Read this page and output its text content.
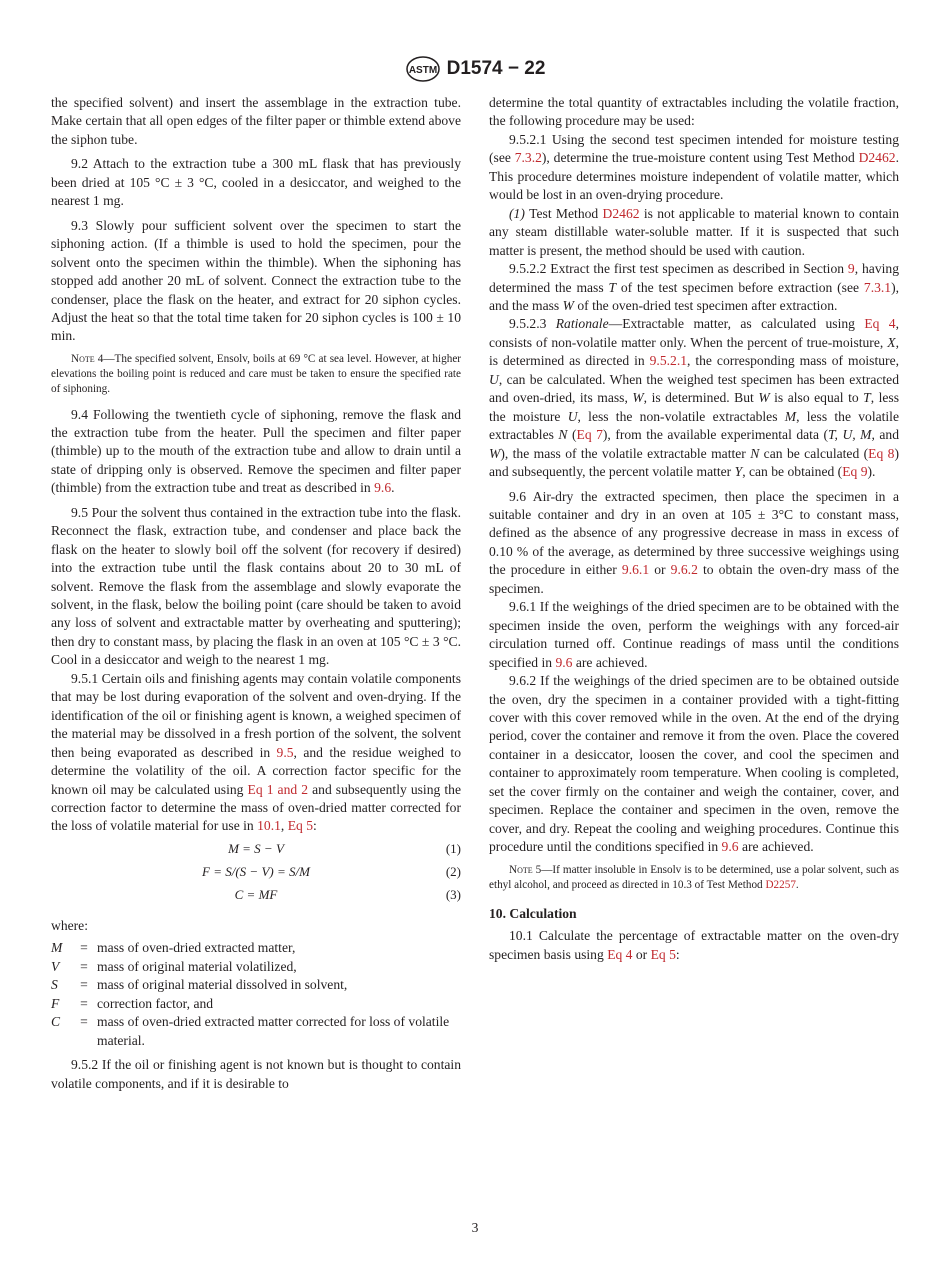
ASTM D1574 − 22
the specified solvent) and insert the assemblage in the extraction tube. Make certain that all open edges of the filter paper or thimble extend above the siphon tube.
9.2 Attach to the extraction tube a 300 mL flask that has previously been dried at 105 °C ± 3 °C, cooled in a desiccator, and weighed to the nearest 1 mg.
9.3 Slowly pour sufficient solvent over the specimen to start the siphoning action. (If a thimble is used to hold the specimen, pour the solvent onto the specimen within the thimble). When the siphoning has stopped add another 20 mL of solvent. Connect the extraction tube to the condenser, place the flask on the heater, and extract for 20 siphon cycles. Adjust the heat so that the total time taken for 20 siphon cycles is 100 ± 10 min.
Note 4—The specified solvent, Ensolv, boils at 69 °C at sea level. However, at higher elevations the boiling point is reduced and care must be taken to ensure the specified rate of siphoning.
9.4 Following the twentieth cycle of siphoning, remove the flask and the extraction tube from the heater. Pull the specimen and filter paper (thimble) up to the mouth of the extraction tube and allow to drain until a state of dripping only is observed. Remove the specimen and filter paper (thimble) from the extraction tube and treat as described in 9.6.
9.5 Pour the solvent thus contained in the extraction tube into the flask. Reconnect the flask, extraction tube, and condenser and place back the flask on the heater to slowly boil off the solvent (for recovery if desired) into the extraction tube until the flask contains about 20 to 30 mL of solvent. Remove the flask from the assemblage and slowly evaporate the solvent, in the flask, below the boiling point (care should be taken to avoid any loss of solvent and extractable matter by overheating and sputtering); then dry to constant mass, by placing the flask in an oven at 105 °C ± 3 °C. Cool in a desiccator and weigh to the nearest 1 mg.
9.5.1 Certain oils and finishing agents may contain volatile components that may be lost during evaporation of the solvent and oven-drying. If the identification of the oil or finishing agent is known, a weighed specimen of the material may be dissolved in a fresh portion of the solvent, the solvent then being evaporated as described in 9.5, and the residue weighed to determine the volatility of the oil. A correction factor specific for the known oil may be calculated using Eq 1 and 2 and subsequently using the correction factor to determine the mass of oven-dried matter corrected for the loss of volatile material for use in 10.1, Eq 5:
M = S − V	(1)
F = S/(S − V) = S/M	(2)
C = MF	(3)
where:
M	= mass of oven-dried extracted matter,
V	= mass of original material volatilized,
S	= mass of original material dissolved in solvent,
F	= correction factor, and
C	= mass of oven-dried extracted matter corrected for loss of volatile material.
9.5.2 If the oil or finishing agent is not known but is thought to contain volatile components, and if it is desirable to
determine the total quantity of extractables including the volatile fraction, the following procedure may be used:
9.5.2.1 Using the second test specimen intended for moisture testing (see 7.3.2), determine the true-moisture content using Test Method D2462. This procedure determines moisture independent of volatile matter, which would be lost in an oven-drying procedure.
(1) Test Method D2462 is not applicable to material known to contain any steam distillable water-soluble matter. If it is suspected that such matter is present, the method should be used with caution.
9.5.2.2 Extract the first test specimen as described in Section 9, having determined the mass T of the test specimen before extraction (see 7.3.1), and the mass W of the oven-dried test specimen after extraction.
9.5.2.3 Rationale—Extractable matter, as calculated using Eq 4, consists of non-volatile matter only. When the percent of true-moisture, X, is determined as directed in 9.5.2.1, the corresponding mass of moisture, U, can be calculated. When the weighed test specimen has been extracted and oven-dried, its mass, W, is determined. But W is also equal to T, less the moisture U, less the non-volatile extractables M, less the volatile extractables N (Eq 7), from the available experimental data (T, U, M, and W), the mass of the volatile extractable matter N can be calculated (Eq 8) and subsequently, the percent volatile matter Y, can be obtained (Eq 9).
9.6 Air-dry the extracted specimen, then place the specimen in a suitable container and dry in an oven at 105 ± 3°C to constant mass, defined as the absence of any progressive decrease in mass in excess of 0.10 % of the average, as determined by three successive weighings using the procedure in either 9.6.1 or 9.6.2 to obtain the oven-dry mass of the specimen.
9.6.1 If the weighings of the dried specimen are to be obtained with the specimen inside the oven, perform the weighings with any forced-air circulation turned off. Continue readings of mass until the conditions specified in 9.6 are achieved.
9.6.2 If the weighings of the dried specimen are to be obtained outside the oven, dry the specimen in a container provided with a tight-fitting cover with this cover removed while in the oven. At the end of the drying period, cover the container and remove it from the oven. Place the covered container in a desiccator, loosen the cover, and cool the specimen and container to approximately room temperature. When cooling is completed, set the cover firmly on the container and weigh the container, cover, and specimen. Replace the container and specimen in the oven, remove the cover, and dry. Repeat the cooling and weighing procedures. Continue this procedure until the conditions specified in 9.6 are achieved.
Note 5—If matter insoluble in Ensolv is to be determined, use a polar solvent, such as ethyl alcohol, and proceed as directed in 10.3 of Test Method D2257.
10. Calculation
10.1 Calculate the percentage of extractable matter on the oven-dry specimen basis using Eq 4 or Eq 5:
3
